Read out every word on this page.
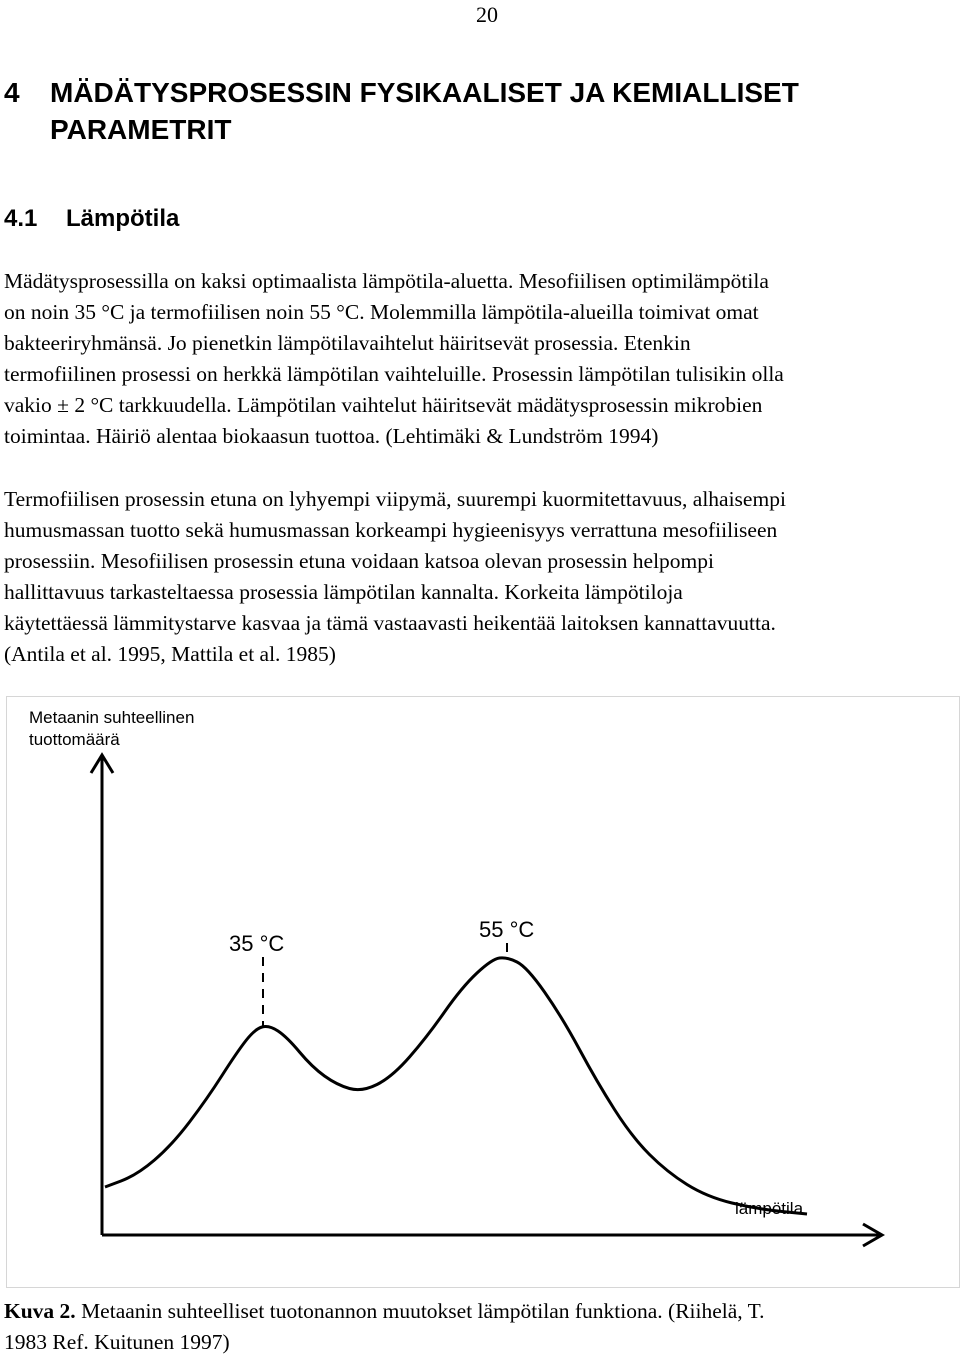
20
4 MÄDÄTYSPROSESSIN FYSIKAALISET JA KEMIALLISET PARAMETRIT
4.1 Lämpötila
Mädätysprosessilla on kaksi optimaalista lämpötila-aluetta. Mesofiilisen optimilämpötila
on noin 35 °C ja termofiilisen noin 55 °C. Molemmilla lämpötila-alueilla toimivat omat
bakteeriryhmänsä. Jo pienetkin lämpötilavaihtelut häiritsevät prosessia. Etenkin
termofiilinen prosessi on herkkä lämpötilan vaihteluille. Prosessin lämpötilan tulisikin olla
vakio ± 2 °C tarkkuudella. Lämpötilan vaihtelut häiritsevät mädätysprosessin mikrobien
toimintaa. Häiriö alentaa biokaasun tuottoa. (Lehtimäki & Lundström 1994)
Termofiilisen prosessin etuna on lyhyempi viipymä, suurempi kuormitettavuus, alhaisempi
humusmassan tuotto sekä humusmassan korkeampi hygieenisyys verrattuna mesofiiliseen
prosessiin. Mesofiilisen prosessin etuna voidaan katsoa olevan prosessin helpompi
hallittavuus tarkasteltaessa prosessia lämpötilan kannalta. Korkeita lämpötiloja
käytettäessä lämmitystarve kasvaa ja tämä vastaavasti heikentää laitoksen kannattavuutta.
(Antila et al. 1995, Mattila et al. 1985)
Metaanin suhteellinen
tuottomäärä
lämpötila
35 °C
55 °C

Kuva 2. Metaanin suhteelliset tuotonannon muutokset lämpötilan funktiona. (Riihelä, T.
1983 Ref. Kuitunen 1997)
